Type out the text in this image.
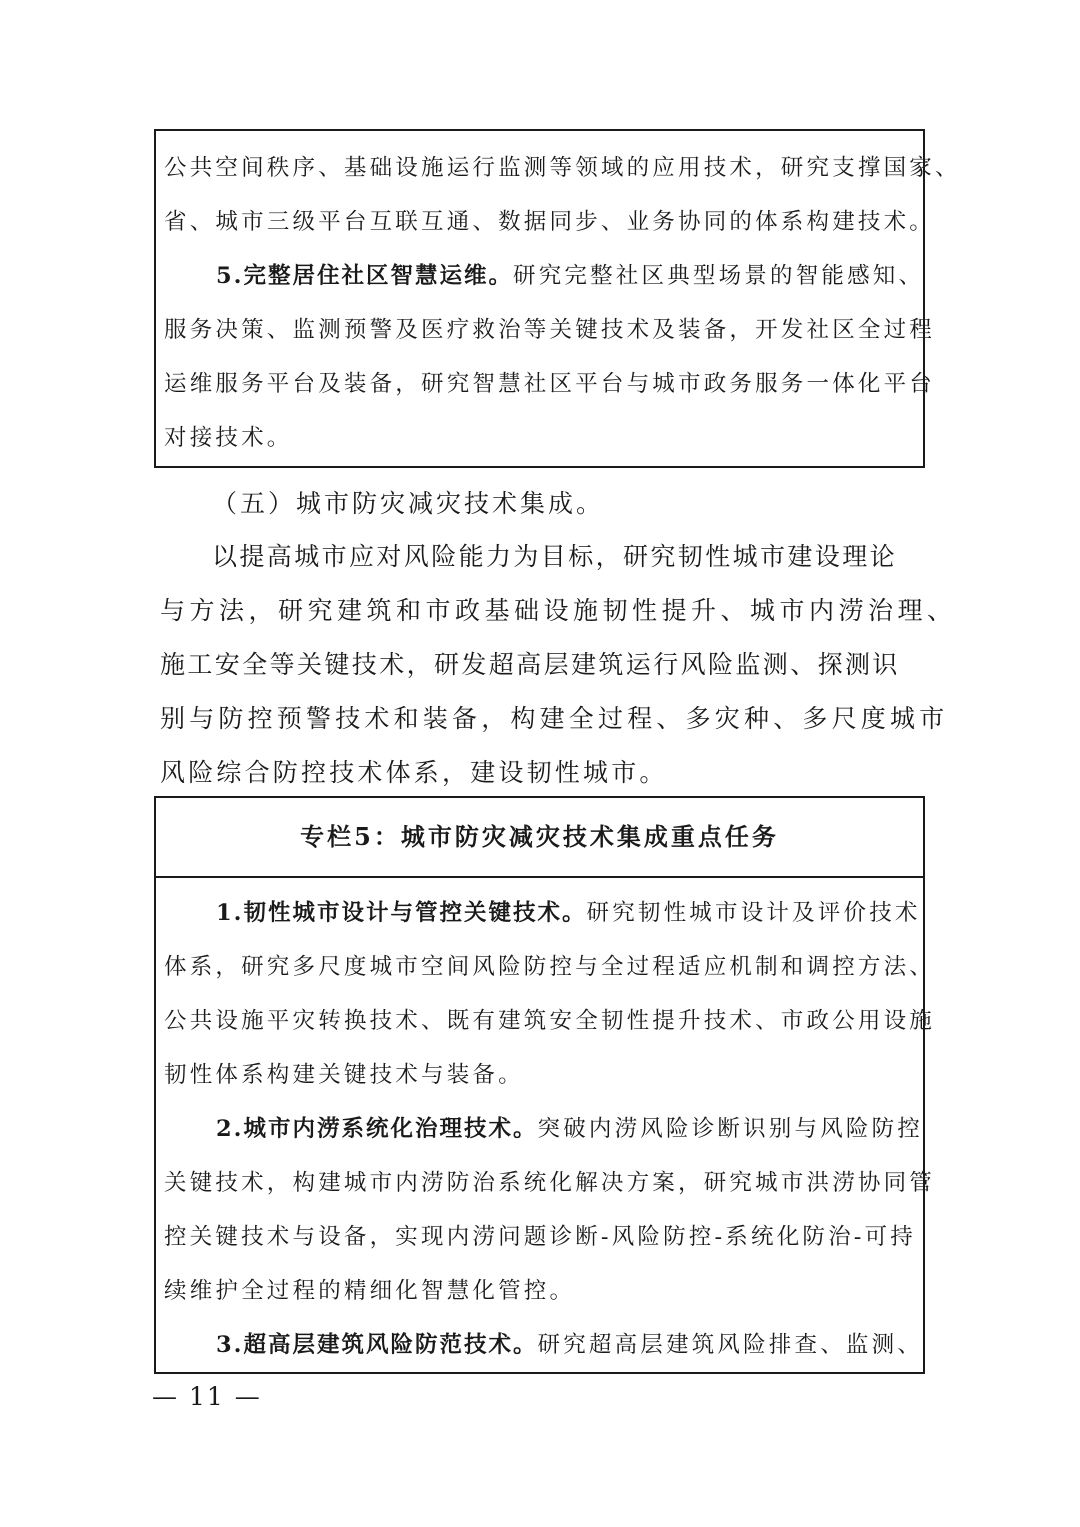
公共空间秩序、基础设施运行监测等领域的应用技术，研究支撑国家、
省、城市三级平台互联互通、数据同步、业务协同的体系构建技术。
5.完整居住社区智慧运维。研究完整社区典型场景的智能感知、
服务决策、监测预警及医疗救治等关键技术及装备，开发社区全过程
运维服务平台及装备，研究智慧社区平台与城市政务服务一体化平台
对接技术。
（五）城市防灾减灾技术集成。
以提高城市应对风险能力为目标，研究韧性城市建设理论
与方法，研究建筑和市政基础设施韧性提升、城市内涝治理、
施工安全等关键技术，研发超高层建筑运行风险监测、探测识
别与防控预警技术和装备，构建全过程、多灾种、多尺度城市
风险综合防控技术体系，建设韧性城市。
专栏5：城市防灾减灾技术集成重点任务
1.韧性城市设计与管控关键技术。研究韧性城市设计及评价技术
体系，研究多尺度城市空间风险防控与全过程适应机制和调控方法、
公共设施平灾转换技术、既有建筑安全韧性提升技术、市政公用设施
韧性体系构建关键技术与装备。
2.城市内涝系统化治理技术。突破内涝风险诊断识别与风险防控
关键技术，构建城市内涝防治系统化解决方案，研究城市洪涝协同管
控关键技术与设备，实现内涝问题诊断-风险防控-系统化防治-可持
续维护全过程的精细化智慧化管控。
3.超高层建筑风险防范技术。研究超高层建筑风险排查、监测、
— 11 —
